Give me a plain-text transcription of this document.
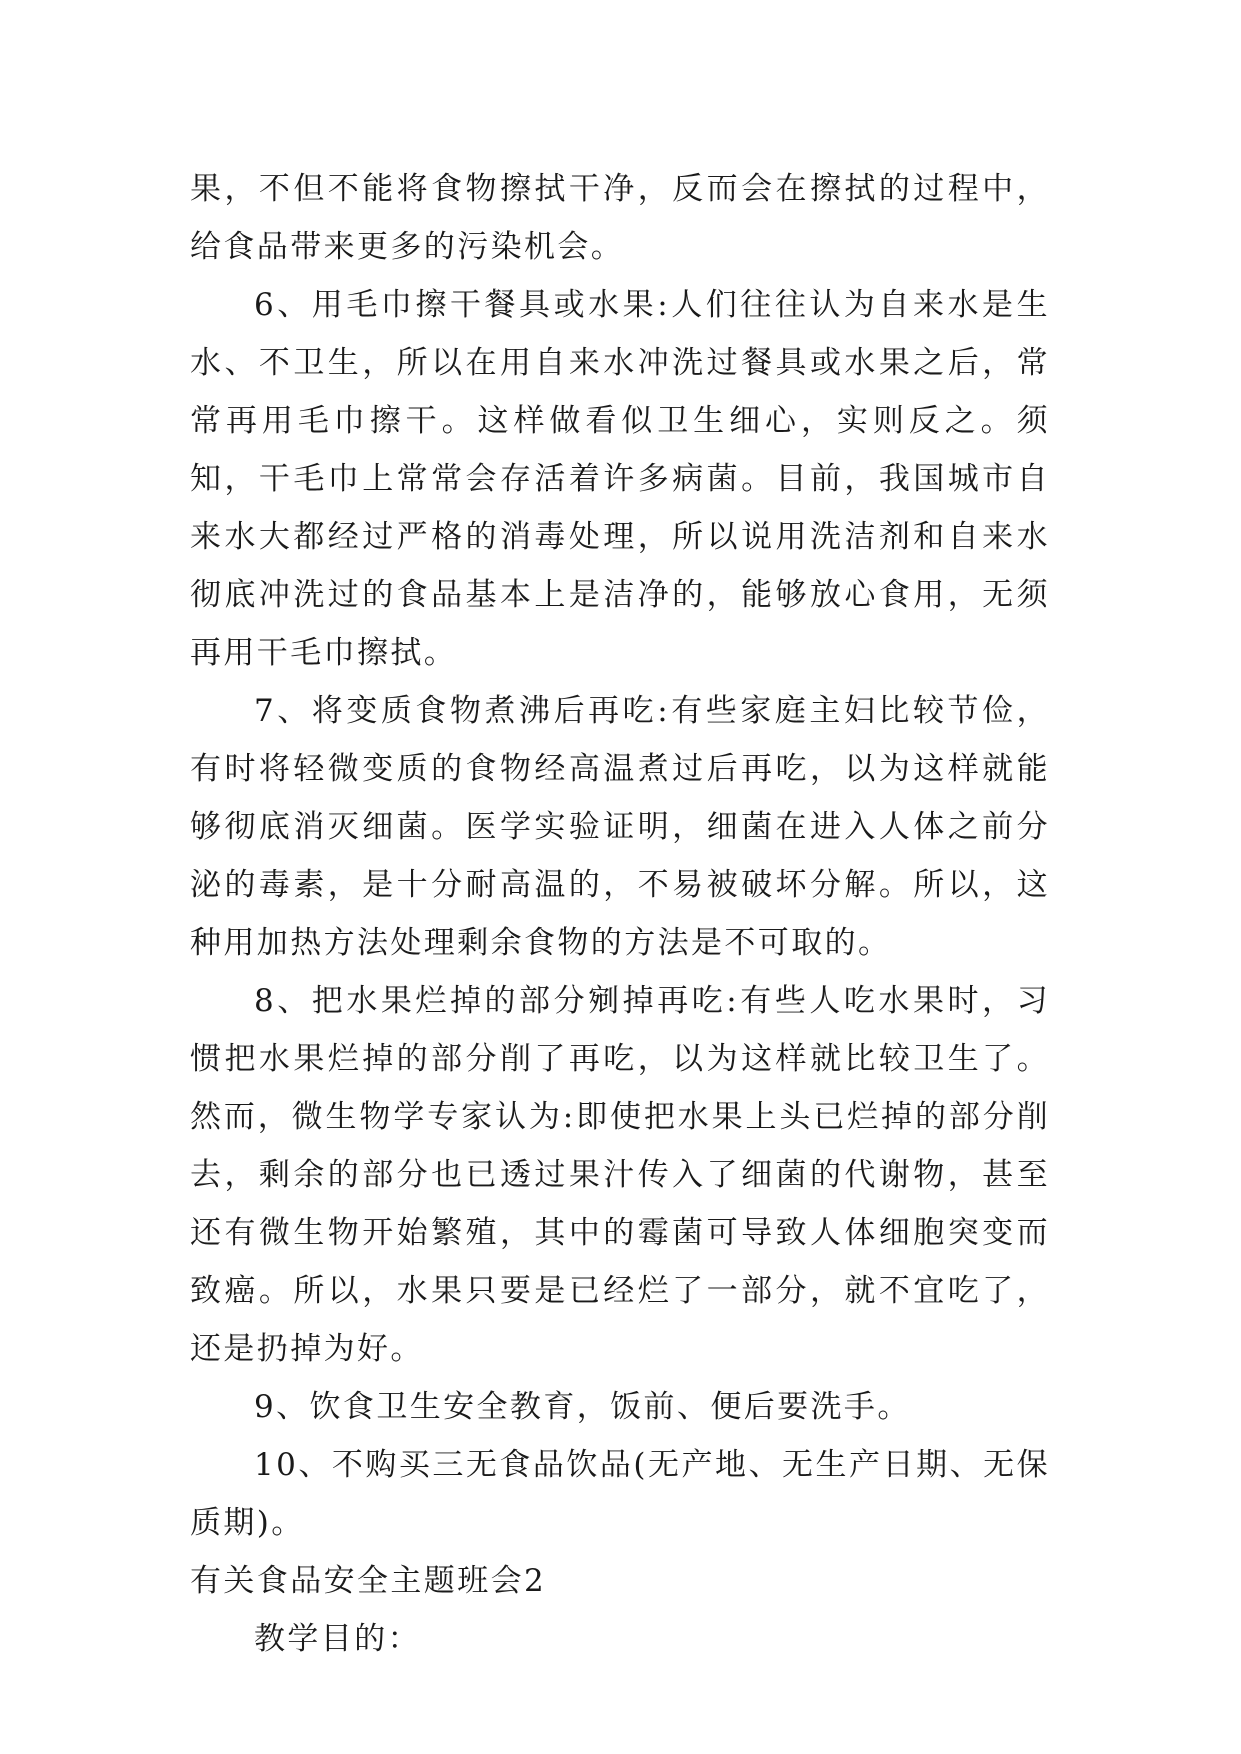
果，不但不能将食物擦拭干净，反而会在擦拭的过程中，给食品带来更多的污染机会。

6、用毛巾擦干餐具或水果:人们往往认为自来水是生水、不卫生，所以在用自来水冲洗过餐具或水果之后，常常再用毛巾擦干。这样做看似卫生细心，实则反之。须知，干毛巾上常常会存活着许多病菌。目前，我国城市自来水大都经过严格的消毒处理，所以说用洗洁剂和自来水彻底冲洗过的食品基本上是洁净的，能够放心食用，无须再用干毛巾擦拭。

7、将变质食物煮沸后再吃:有些家庭主妇比较节俭，有时将轻微变质的食物经高温煮过后再吃，以为这样就能够彻底消灭细菌。医学实验证明，细菌在进入人体之前分泌的毒素，是十分耐高温的，不易被破坏分解。所以，这种用加热方法处理剩余食物的方法是不可取的。

8、把水果烂掉的部分剜掉再吃:有些人吃水果时，习惯把水果烂掉的部分削了再吃，以为这样就比较卫生了。然而，微生物学专家认为:即使把水果上头已烂掉的部分削去，剩余的部分也已透过果汁传入了细菌的代谢物，甚至还有微生物开始繁殖，其中的霉菌可导致人体细胞突变而致癌。所以，水果只要是已经烂了一部分，就不宜吃了，还是扔掉为好。

9、饮食卫生安全教育，饭前、便后要洗手。

10、不购买三无食品饮品(无产地、无生产日期、无保质期)。

有关食品安全主题班会2

教学目的：
